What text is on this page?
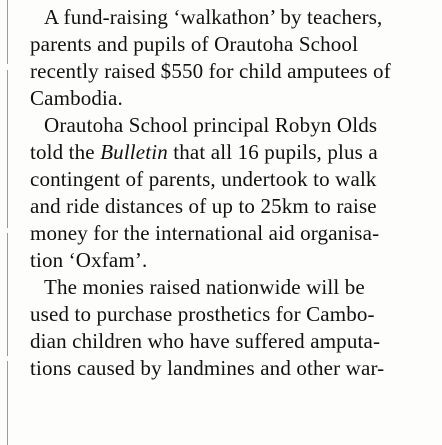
A fund-raising ‘walkathon’ by teachers,
parents and pupils of Orautoha School
recently raised $550 for child amputees of
Cambodia.
Orautoha School principal Robyn Olds
told the Bulletin that all 16 pupils, plus a
contingent of parents, undertook to walk
and ride distances of up to 25km to raise
money for the international aid organisa-
tion ‘Oxfam’.
The monies raised nationwide will be
used to purchase prosthetics for Cambo-
dian children who have suffered amputa-
tions caused by landmines and other war-
